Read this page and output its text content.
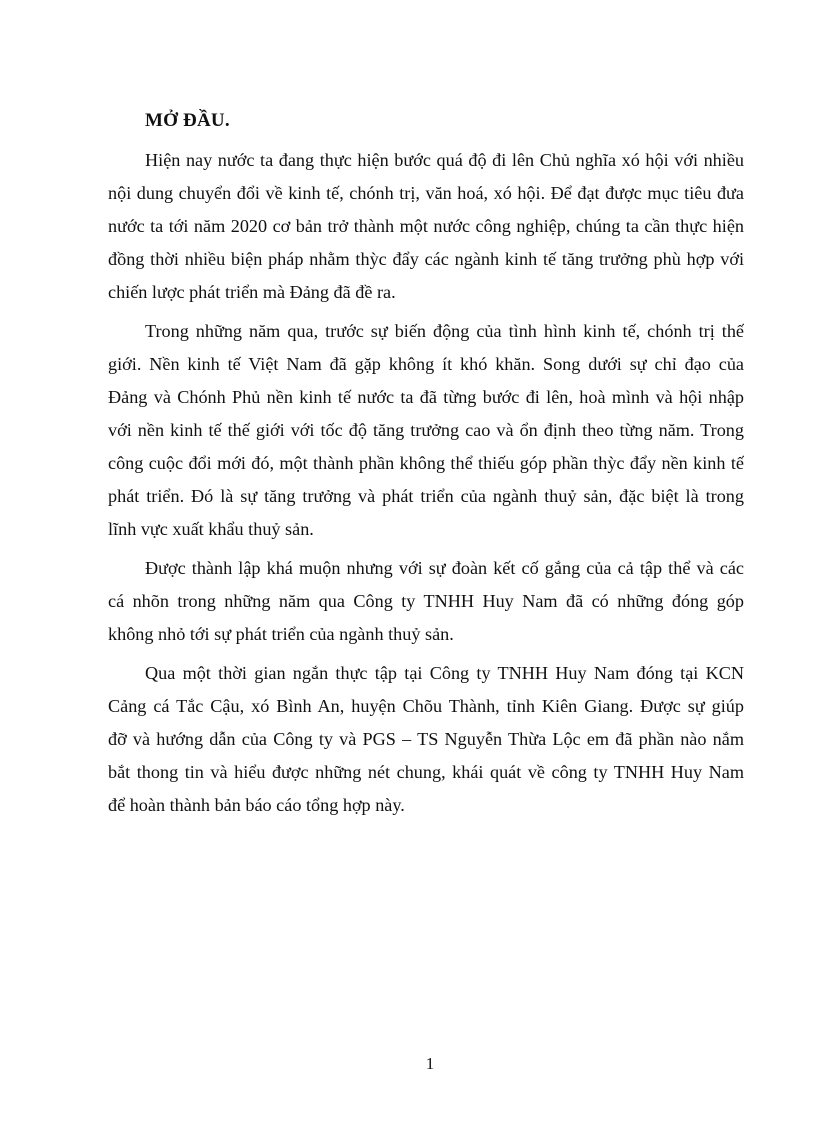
MỞ ĐẦU.
Hiện nay nước ta đang thực hiện bước quá độ đi lên Chủ nghĩa xó hội với nhiều
nội dung chuyển đổi về kinh tế, chónh trị, văn hoá, xó hội. Để đạt được mục tiêu đưa
nước ta tới năm 2020 cơ bản trở thành một nước công nghiệp, chúng ta cần thực hiện
đồng thời nhiều biện pháp nhằm thỳc đẩy các ngành kinh tế tăng trưởng phù hợp với
chiến lược phát triển mà Đảng đã đề ra.
Trong những năm qua, trước sự biến động của tình hình kinh tế, chónh trị thế
giới. Nền kinh tế Việt Nam đã gặp không ít khó khăn. Song dưới sự chỉ đạo của
Đảng và Chónh Phủ nền kinh tế nước ta đã từng bước đi lên, hoà mình và hội nhập
với nền kinh tế thế giới với tốc độ tăng trưởng cao và ổn định theo từng năm. Trong
công cuộc đổi mới đó, một thành phần không thể thiếu góp phần thỳc đẩy nền kinh tế
phát triển. Đó là sự tăng trưởng và phát triển của ngành thuỷ sản, đặc biệt là trong
lĩnh vực xuất khẩu thuỷ sản.
Được thành lập khá muộn nhưng với sự đoàn kết cố gắng của cả tập thể và các
cá nhõn trong những năm qua Công ty TNHH Huy Nam đã có những đóng góp
không nhỏ tới sự phát triển của ngành thuỷ sản.
Qua một thời gian ngắn thực tập tại Công ty TNHH Huy Nam đóng tại KCN
Cảng cá Tắc Cậu, xó Bình An, huyện Chõu Thành, tỉnh Kiên Giang. Được sự giúp
đỡ và hướng dẫn của Công ty và PGS – TS Nguyễn Thừa Lộc em đã phần nào nắm
bắt thong tin và hiểu được những nét chung, khái quát về công ty TNHH Huy Nam
để hoàn thành bản báo cáo tổng hợp này.
1
